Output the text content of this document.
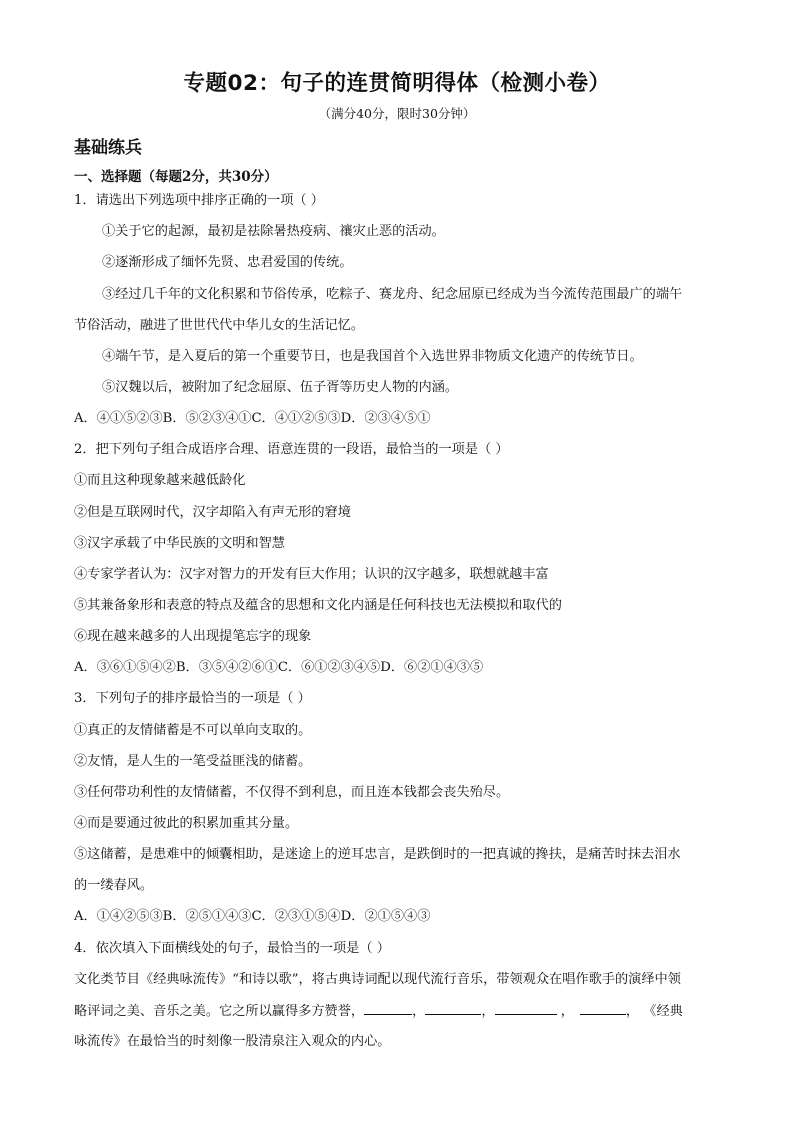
专题02：句子的连贯简明得体（检测小卷）
（满分40分，限时30分钟）
基础练兵
一、选择题（每题2分，共30分）
1．请选出下列选项中排序正确的一项（ ）
①关于它的起源，最初是祛除暑热疫病、禳灾止恶的活动。
②逐渐形成了缅怀先贤、忠君爱国的传统。
③经过几千年的文化积累和节俗传承，吃粽子、赛龙舟、纪念屈原已经成为当今流传范围最广的端午
节俗活动，融进了世世代代中华儿女的生活记忆。
④端午节，是入夏后的第一个重要节日，也是我国首个入选世界非物质文化遗产的传统节日。
⑤汉魏以后，被附加了纪念屈原、伍子胥等历史人物的内涵。
A．④①⑤②③B．⑤②③④①C．④①②⑤③D．②③④⑤①
2．把下列句子组合成语序合理、语意连贯的一段语，最恰当的一项是（ ）
①而且这种现象越来越低龄化
②但是互联网时代，汉字却陷入有声无形的窘境
③汉字承载了中华民族的文明和智慧
④专家学者认为：汉字对智力的开发有巨大作用；认识的汉字越多，联想就越丰富
⑤其兼备象形和表意的特点及蕴含的思想和文化内涵是任何科技也无法模拟和取代的
⑥现在越来越多的人出现提笔忘字的现象
A．③⑥①⑤④②B．③⑤④②⑥①C．⑥①②③④⑤D．⑥②①④③⑤
3．下列句子的排序最恰当的一项是（ ）
①真正的友情储蓄是不可以单向支取的。
②友情，是人生的一笔受益匪浅的储蓄。
③任何带功利性的友情储蓄，不仅得不到利息，而且连本钱都会丧失殆尽。
④而是要通过彼此的积累加重其分量。
⑤这储蓄，是患难中的倾囊相助，是迷途上的逆耳忠言，是跌倒时的一把真诚的搀扶，是痛苦时抹去泪水
的一缕春风。
A．①④②⑤③B．②⑤①④③C．②③①⑤④D．②①⑤④③
4．依次填入下面横线处的句子，最恰当的一项是（ ）
文化类节目《经典咏流传》“和诗以歌”，将古典诗词配以现代流行音乐，带领观众在唱作歌手的演绎中领
略评词之美、音乐之美。它之所以赢得多方赞誉，	，	，	，	， 《经典
咏流传》在最恰当的时刻像一股清泉注入观众的内心。
